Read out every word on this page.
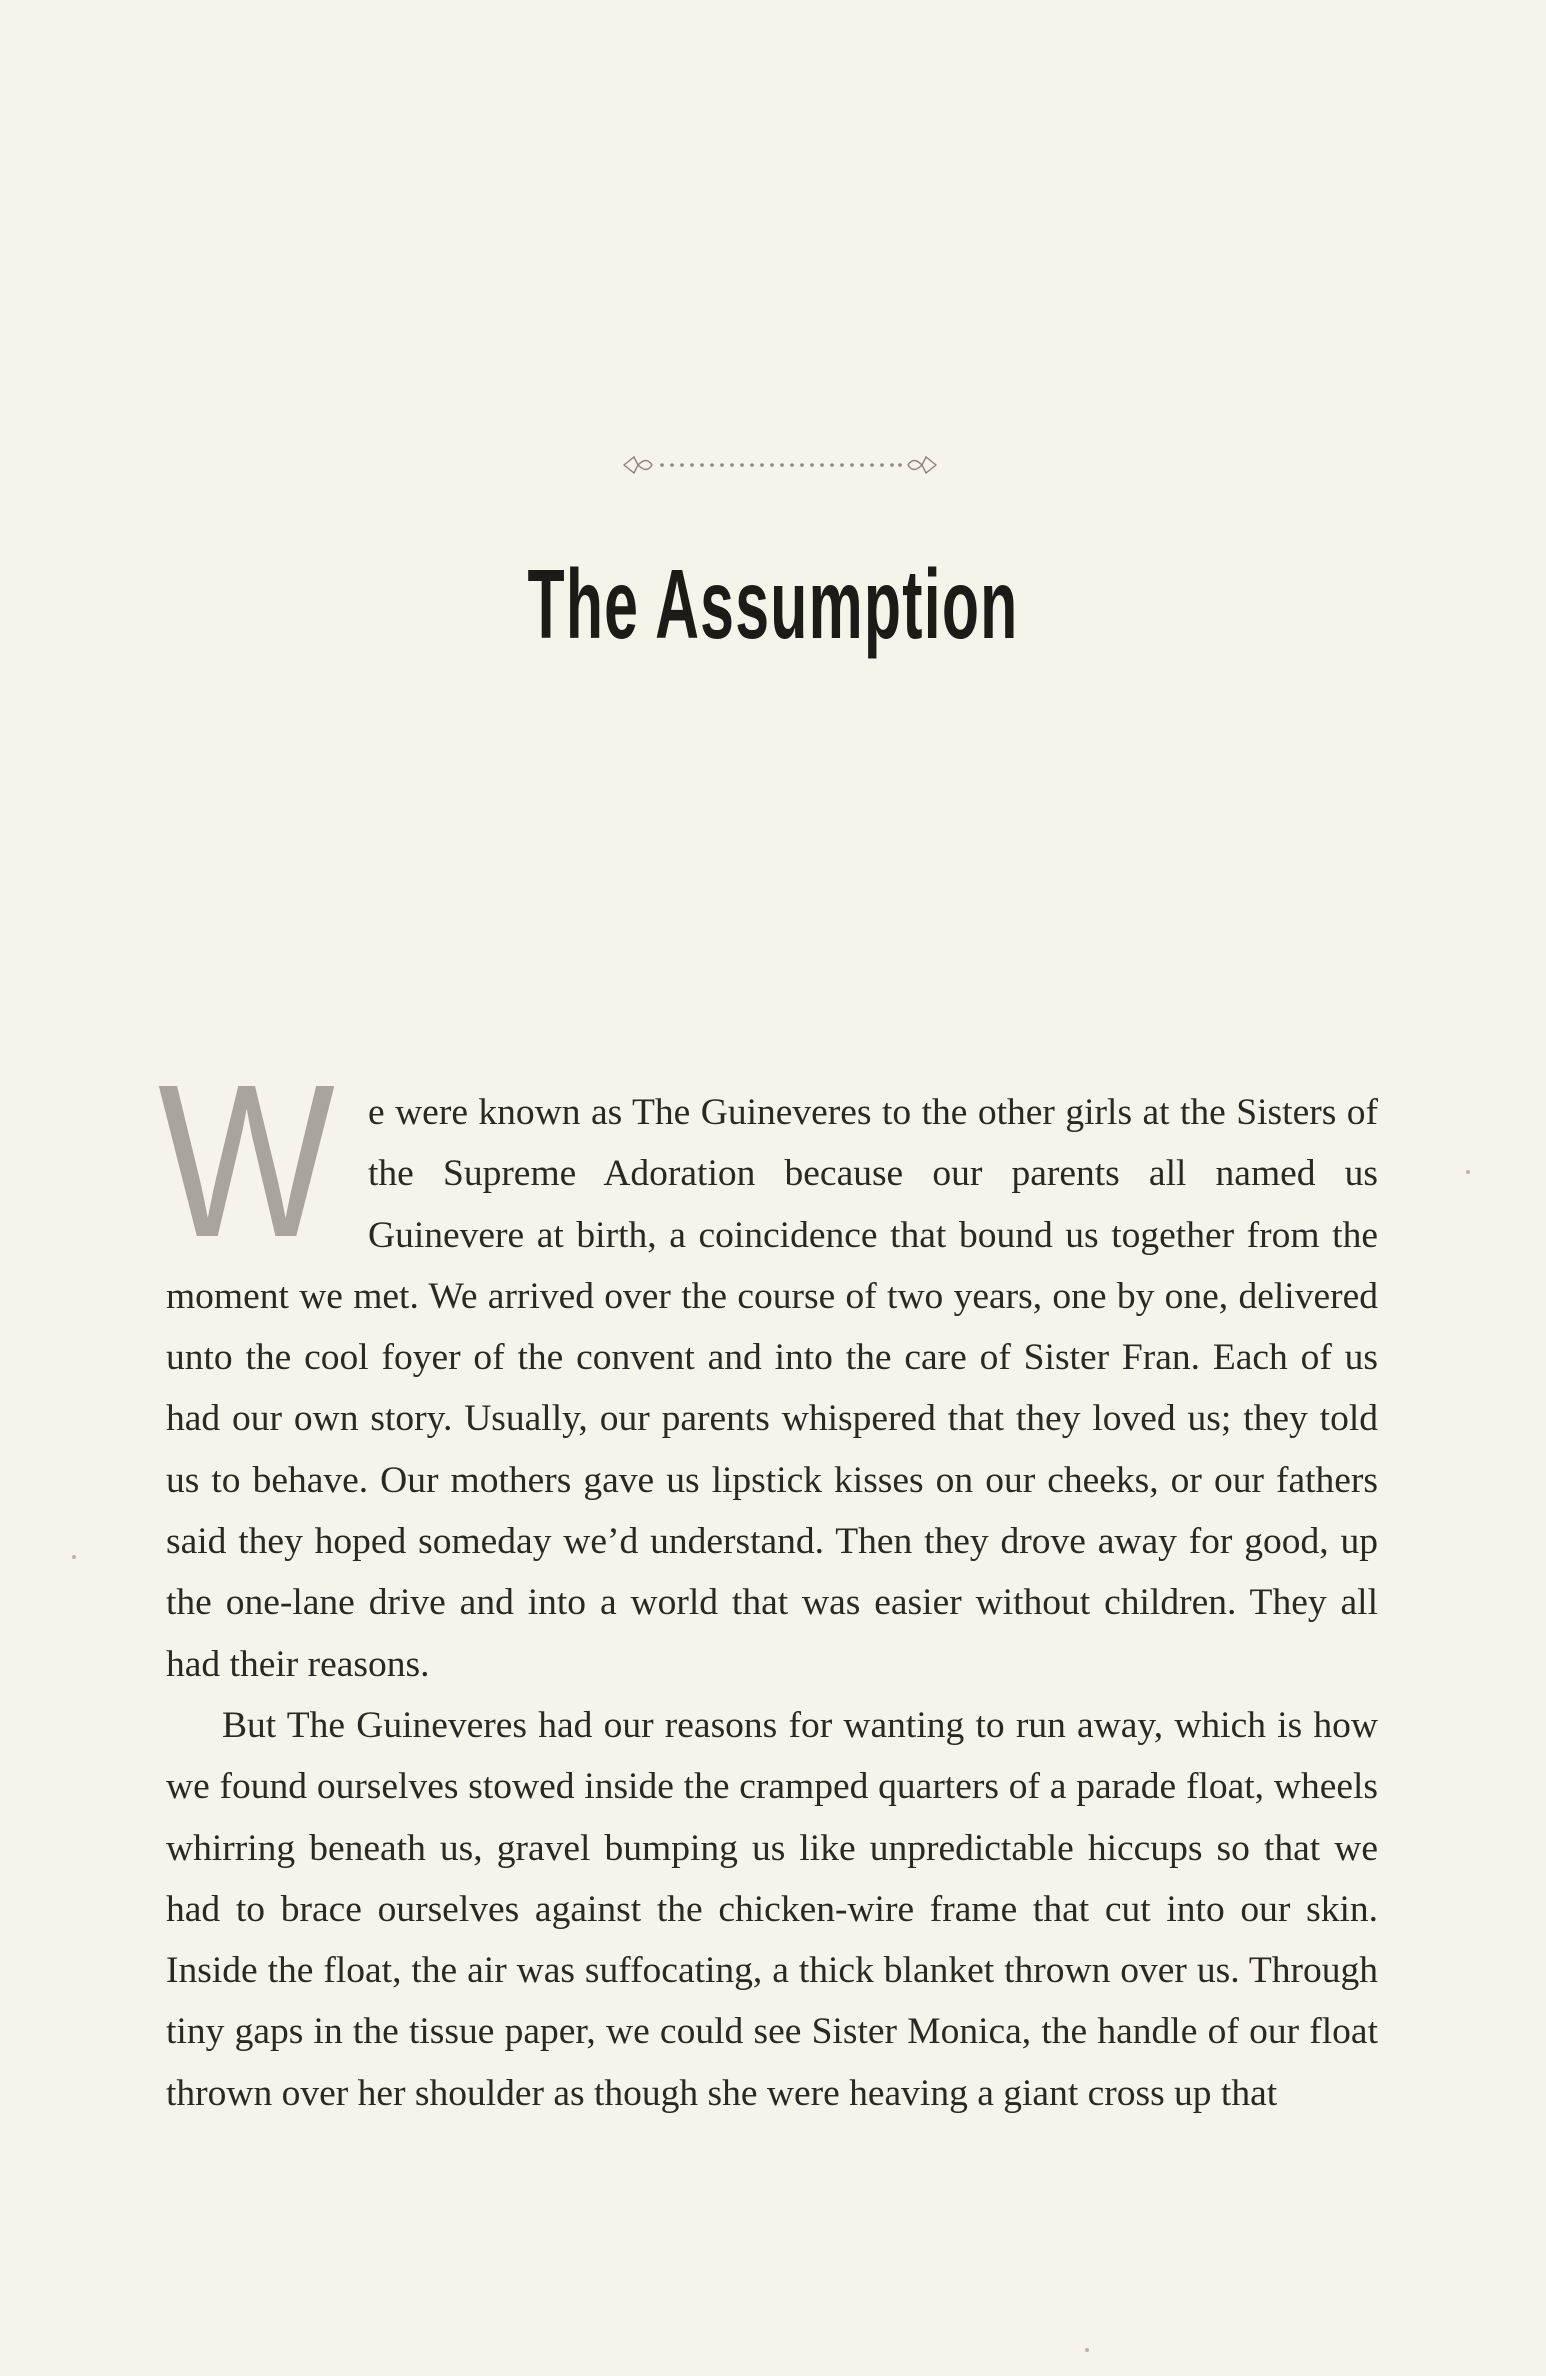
The Assumption

We were known as The Guineveres to the other girls at the Sisters of the Supreme Adoration because our parents all named us Guinevere at birth, a coincidence that bound us together from the moment we met. We arrived over the course of two years, one by one, delivered unto the cool foyer of the convent and into the care of Sister Fran. Each of us had our own story. Usually, our parents whispered that they loved us; they told us to behave. Our mothers gave us lipstick kisses on our cheeks, or our fathers said they hoped someday we’d understand. Then they drove away for good, up the one-lane drive and into a world that was easier without children. They all had their reasons.

But The Guineveres had our reasons for wanting to run away, which is how we found ourselves stowed inside the cramped quarters of a parade float, wheels whirring beneath us, gravel bumping us like unpredictable hiccups so that we had to brace ourselves against the chicken-wire frame that cut into our skin. Inside the float, the air was suffocating, a thick blanket thrown over us. Through tiny gaps in the tissue paper, we could see Sister Monica, the handle of our float thrown over her shoulder as though she were heaving a giant cross up that
